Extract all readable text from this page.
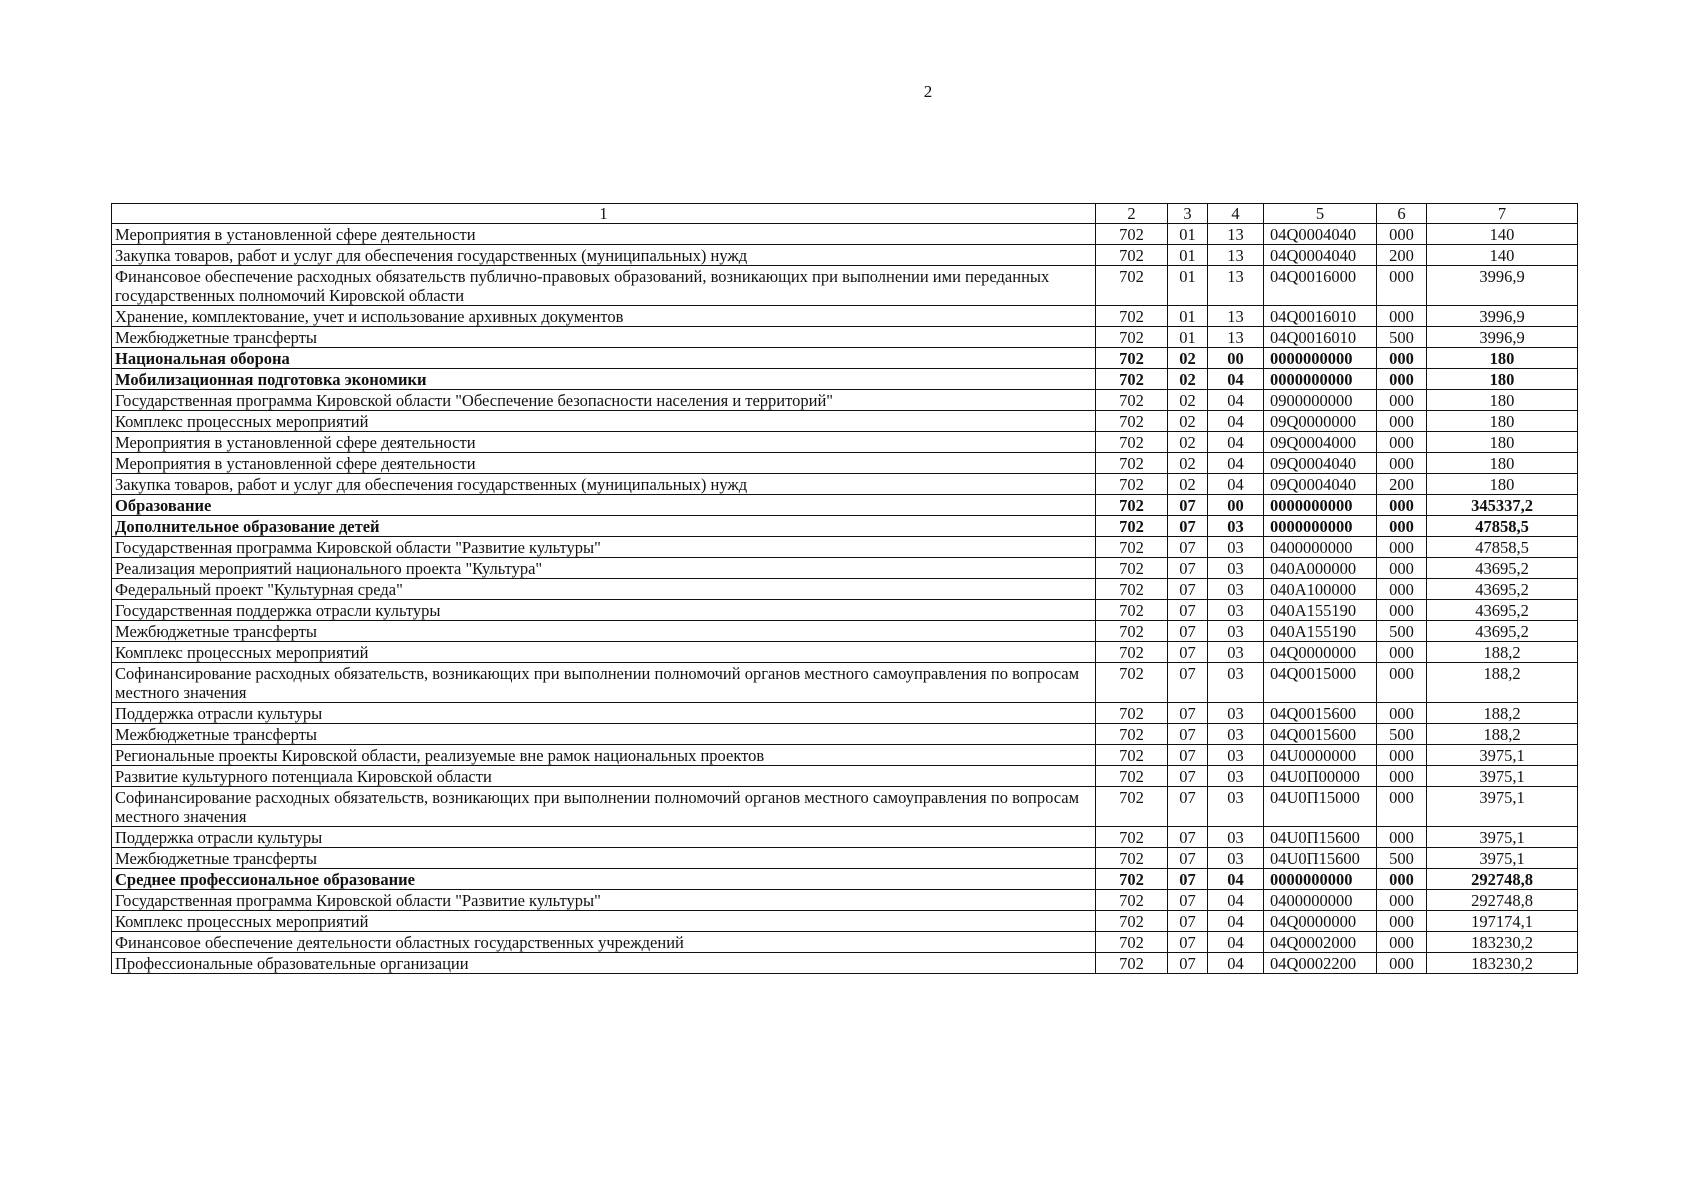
2
1	2	3	4	5	6	7
Мероприятия в установленной сфере деятельности	702	01	13	04Q0004040	000	140
Закупка товаров, работ и услуг для обеспечения государственных (муниципальных) нужд	702	01	13	04Q0004040	200	140
Финансовое обеспечение расходных обязательств публично-правовых образований, возникающих при выполнении ими переданных государственных полномочий Кировской области	702	01	13	04Q0016000	000	3996,9
Хранение, комплектование, учет и использование архивных документов	702	01	13	04Q0016010	000	3996,9
Межбюджетные трансферты	702	01	13	04Q0016010	500	3996,9
Национальная оборона	702	02	00	0000000000	000	180
Мобилизационная подготовка экономики	702	02	04	0000000000	000	180
Государственная программа Кировской области "Обеспечение безопасности населения и территорий"	702	02	04	0900000000	000	180
Комплекс процессных мероприятий	702	02	04	09Q0000000	000	180
Мероприятия в установленной сфере деятельности	702	02	04	09Q0004000	000	180
Мероприятия в установленной сфере деятельности	702	02	04	09Q0004040	000	180
Закупка товаров, работ и услуг для обеспечения государственных (муниципальных) нужд	702	02	04	09Q0004040	200	180
Образование	702	07	00	0000000000	000	345337,2
Дополнительное образование детей	702	07	03	0000000000	000	47858,5
Государственная программа Кировской области "Развитие культуры"	702	07	03	0400000000	000	47858,5
Реализация мероприятий национального проекта "Культура"	702	07	03	040A000000	000	43695,2
Федеральный проект "Культурная среда"	702	07	03	040A100000	000	43695,2
Государственная поддержка отрасли культуры	702	07	03	040A155190	000	43695,2
Межбюджетные трансферты	702	07	03	040A155190	500	43695,2
Комплекс процессных мероприятий	702	07	03	04Q0000000	000	188,2
Софинансирование расходных обязательств, возникающих при выполнении полномочий органов местного самоуправления по вопросам местного значения	702	07	03	04Q0015000	000	188,2
Поддержка отрасли культуры	702	07	03	04Q0015600	000	188,2
Межбюджетные трансферты	702	07	03	04Q0015600	500	188,2
Региональные проекты Кировской области, реализуемые вне рамок национальных проектов	702	07	03	04U0000000	000	3975,1
Развитие культурного потенциала Кировской области	702	07	03	04U0П00000	000	3975,1
Софинансирование расходных обязательств, возникающих при выполнении полномочий органов местного самоуправления по вопросам местного значения	702	07	03	04U0П15000	000	3975,1
Поддержка отрасли культуры	702	07	03	04U0П15600	000	3975,1
Межбюджетные трансферты	702	07	03	04U0П15600	500	3975,1
Среднее профессиональное образование	702	07	04	0000000000	000	292748,8
Государственная программа Кировской области "Развитие культуры"	702	07	04	0400000000	000	292748,8
Комплекс процессных мероприятий	702	07	04	04Q0000000	000	197174,1
Финансовое обеспечение деятельности областных государственных учреждений	702	07	04	04Q0002000	000	183230,2
Профессиональные образовательные организации	702	07	04	04Q0002200	000	183230,2
